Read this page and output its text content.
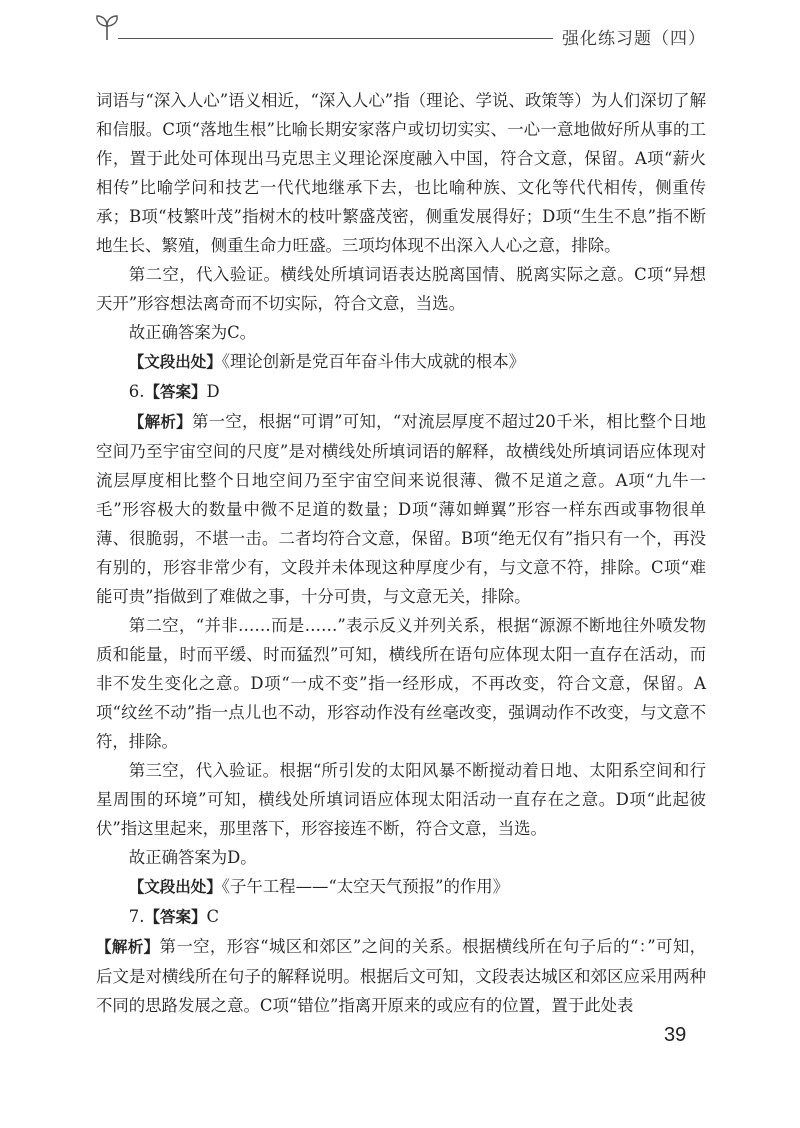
强化练习题（四）

词语与“深入人心”语义相近，“深入人心”指（理论、学说、政策等）为人们深切了解和信服。C项“落地生根”比喻长期安家落户或切切实实、一心一意地做好所从事的工作，置于此处可体现出马克思主义理论深度融入中国，符合文意，保留。A项“薪火相传”比喻学问和技艺一代代地继承下去，也比喻种族、文化等代代相传，侧重传承；B项“枝繁叶茂”指树木的枝叶繁盛茂密，侧重发展得好；D项“生生不息”指不断地生长、繁殖，侧重生命力旺盛。三项均体现不出深入人心之意，排除。

第二空，代入验证。横线处所填词语表达脱离国情、脱离实际之意。C项“异想天开”形容想法离奇而不切实际，符合文意，当选。

故正确答案为C。

【文段出处】《理论创新是党百年奋斗伟大成就的根本》

6.【答案】D

【解析】第一空，根据“可谓”可知，“对流层厚度不超过20千米，相比整个日地空间乃至宇宙空间的尺度”是对横线处所填词语的解释，故横线处所填词语应体现对流层厚度相比整个日地空间乃至宇宙空间来说很薄、微不足道之意。A项“九牛一毛”形容极大的数量中微不足道的数量；D项“薄如蝉翼”形容一样东西或事物很单薄、很脆弱，不堪一击。二者均符合文意，保留。B项“绝无仅有”指只有一个，再没有别的，形容非常少有，文段并未体现这种厚度少有，与文意不符，排除。C项“难能可贵”指做到了难做之事，十分可贵，与文意无关，排除。

第二空，“并非……而是……”表示反义并列关系，根据“源源不断地往外喷发物质和能量，时而平缓、时而猛烈”可知，横线所在语句应体现太阳一直存在活动，而非不发生变化之意。D项“一成不变”指一经形成，不再改变，符合文意，保留。A项“纹丝不动”指一点儿也不动，形容动作没有丝毫改变，强调动作不改变，与文意不符，排除。

第三空，代入验证。根据“所引发的太阳风暴不断搅动着日地、太阳系空间和行星周围的环境”可知，横线处所填词语应体现太阳活动一直存在之意。D项“此起彼伏”指这里起来，那里落下，形容接连不断，符合文意，当选。

故正确答案为D。

【文段出处】《子午工程——“太空天气预报”的作用》

7.【答案】C

【解析】第一空，形容“城区和郊区”之间的关系。根据横线所在句子后的“：”可知，后文是对横线所在句子的解释说明。根据后文可知，文段表达城区和郊区应采用两种不同的思路发展之意。C项“错位”指离开原来的或应有的位置，置于此处表

39
